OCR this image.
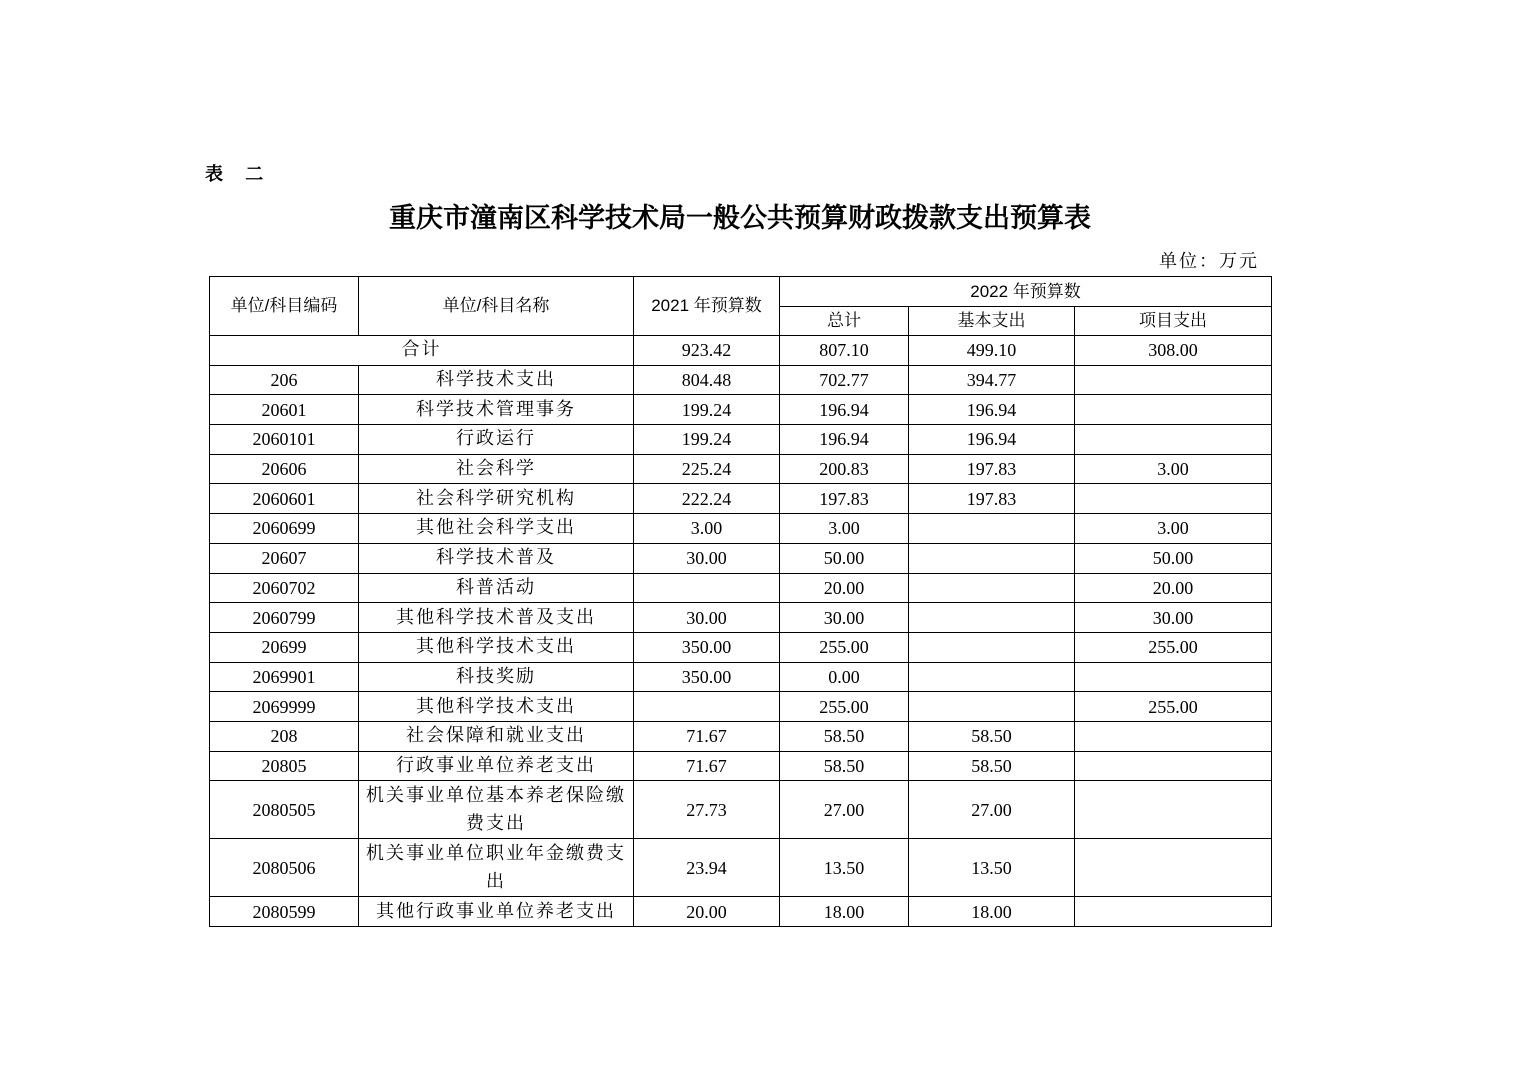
表 二
重庆市潼南区科学技术局一般公共预算财政拨款支出预算表
单位：万元
单位/科目编码	单位/科目名称	2021 年预算数	2022 年预算数		
			总计	基本支出	项目支出
合计		923.42	807.10	499.10	308.00
206	科学技术支出	804.48	702.77	394.77	
20601	科学技术管理事务	199.24	196.94	196.94	
2060101	行政运行	199.24	196.94	196.94	
20606	社会科学	225.24	200.83	197.83	3.00
2060601	社会科学研究机构	222.24	197.83	197.83	
2060699	其他社会科学支出	3.00	3.00		3.00
20607	科学技术普及	30.00	50.00		50.00
2060702	科普活动		20.00		20.00
2060799	其他科学技术普及支出	30.00	30.00		30.00
20699	其他科学技术支出	350.00	255.00		255.00
2069901	科技奖励	350.00	0.00		
2069999	其他科学技术支出		255.00		255.00
208	社会保障和就业支出	71.67	58.50	58.50	
20805	行政事业单位养老支出	71.67	58.50	58.50	
2080505	机关事业单位基本养老保险缴费支出	27.73	27.00	27.00	
2080506	机关事业单位职业年金缴费支出	23.94	13.50	13.50	
2080599	其他行政事业单位养老支出	20.00	18.00	18.00	
